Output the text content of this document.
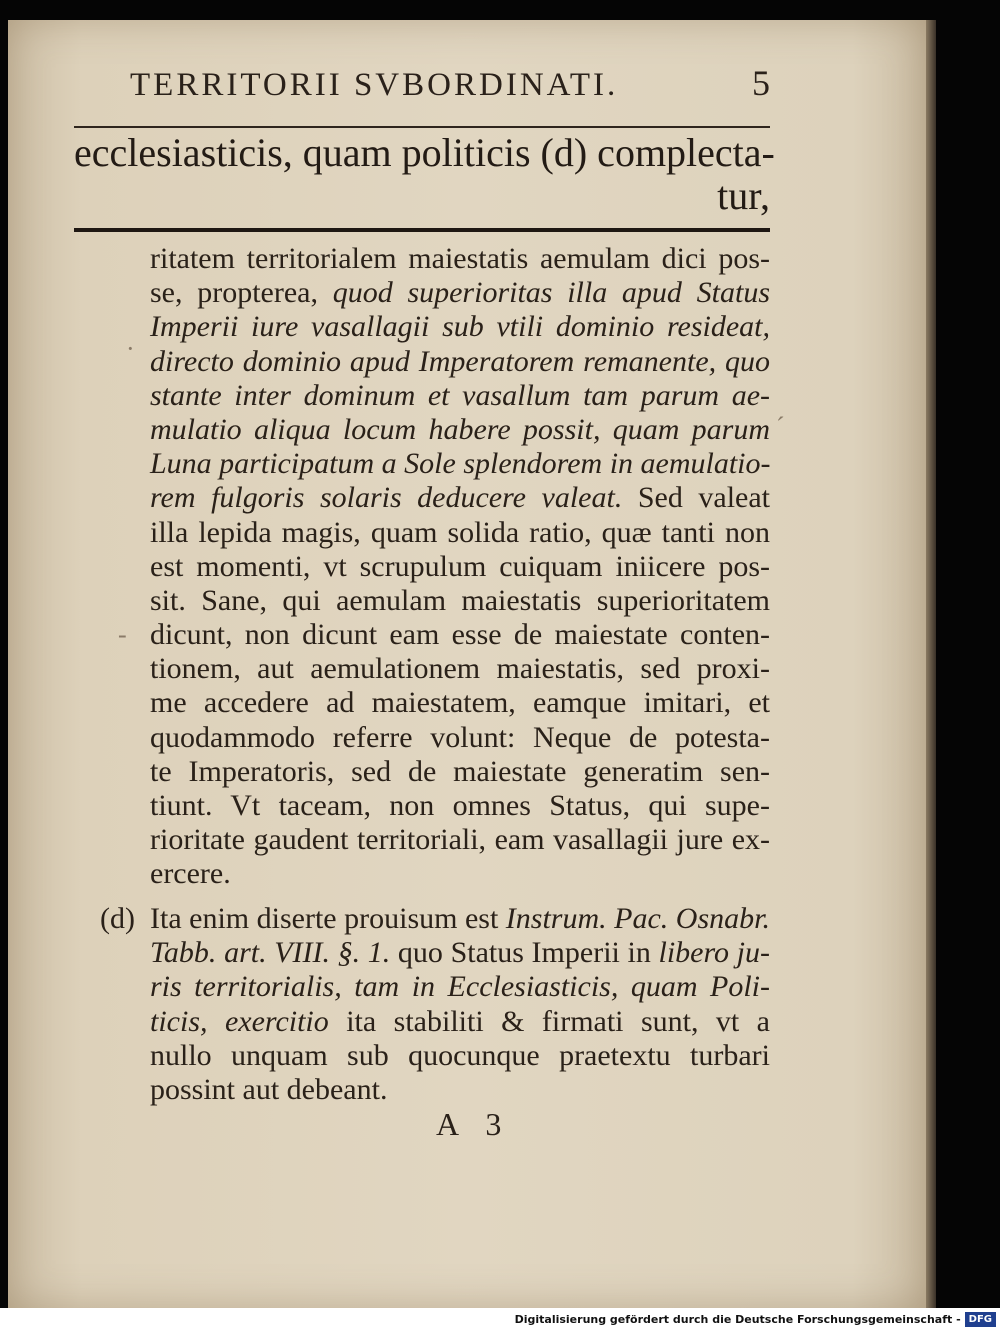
TERRITORII SVBORDINATI.	5
ecclesiasticis, quam politicis (d) complecta-
tur,
ritatem territorialem maiestatis aemulam dici pos-
se, propterea, quod superioritas illa apud Status
Imperii iure vasallagii sub vtili dominio resideat,
directo dominio apud Imperatorem remanente, quo
stante inter dominum et vasallum tam parum ae-
mulatio aliqua locum habere possit, quam parum
Luna participatum a Sole splendorem in aemulatio-
rem fulgoris solaris deducere valeat. Sed valeat
illa lepida magis, quam solida ratio, quæ tanti non
est momenti, vt scrupulum cuiquam iniicere pos-
sit. Sane, qui aemulam maiestatis superioritatem
dicunt, non dicunt eam esse de maiestate conten-
tionem, aut aemulationem maiestatis, sed proxi-
me accedere ad maiestatem, eamque imitari, et
quodammodo referre volunt: Neque de potesta-
te Imperatoris, sed de maiestate generatim sen-
tiunt. Vt taceam, non omnes Status, qui supe-
rioritate gaudent territoriali, eam vasallagii jure ex-
ercere.
(d) Ita enim diserte prouisum est Instrum. Pac. Osnabr.
Tabb. art. VIII. §. 1. quo Status Imperii in libero ju-
ris territorialis, tam in Ecclesiasticis, quam Poli-
ticis, exercitio ita stabiliti & firmati sunt, vt a
nullo unquam sub quocunque praetextu turbari
possint aut debeant.
A 3
·
ˊ
-
Digitalisierung gefördert durch die Deutsche Forschungsgemeinschaft - DFG
